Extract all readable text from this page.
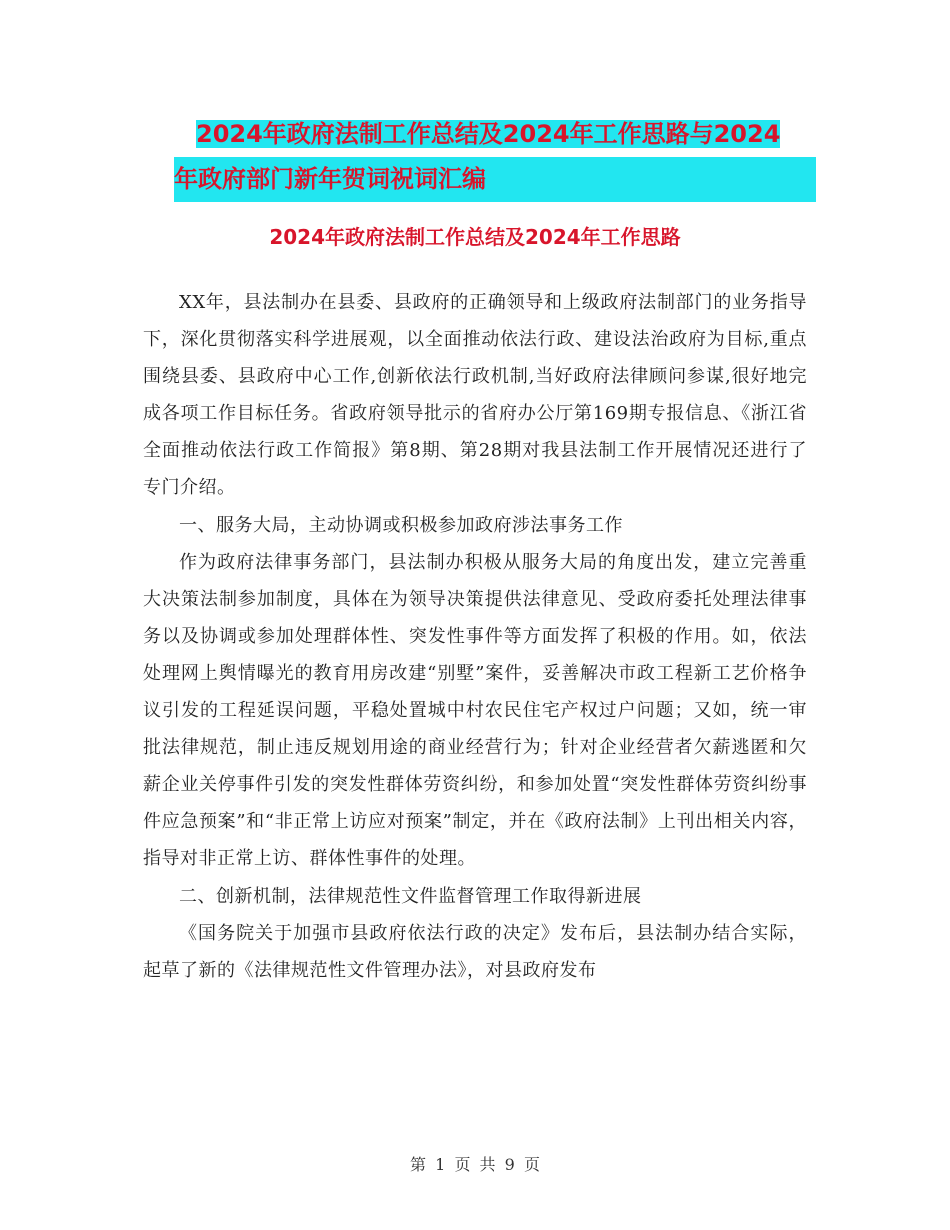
2024年政府法制工作总结及2024年工作思路与2024
年政府部门新年贺词祝词汇编
2024年政府法制工作总结及2024年工作思路

XX年，县法制办在县委、县政府的正确领导和上级政府法制部门的业务指导下，深化贯彻落实科学进展观，以全面推动依法行政、建设法治政府为目标,重点围绕县委、县政府中心工作,创新依法行政机制,当好政府法律顾问参谋,很好地完成各项工作目标任务。省政府领导批示的省府办公厅第169期专报信息、《浙江省全面推动依法行政工作简报》第8期、第28期对我县法制工作开展情况还进行了专门介绍。

一、服务大局，主动协调或积极参加政府涉法事务工作

作为政府法律事务部门，县法制办积极从服务大局的角度出发，建立完善重大决策法制参加制度，具体在为领导决策提供法律意见、受政府委托处理法律事务以及协调或参加处理群体性、突发性事件等方面发挥了积极的作用。如，依法处理网上舆情曝光的教育用房改建“别墅”案件，妥善解决市政工程新工艺价格争议引发的工程延误问题，平稳处置城中村农民住宅产权过户问题；又如，统一审批法律规范，制止违反规划用途的商业经营行为；针对企业经营者欠薪逃匿和欠薪企业关停事件引发的突发性群体劳资纠纷，和参加处置“突发性群体劳资纠纷事件应急预案”和“非正常上访应对预案”制定，并在《政府法制》上刊出相关内容，指导对非正常上访、群体性事件的处理。

二、创新机制，法律规范性文件监督管理工作取得新进展

《国务院关于加强市县政府依法行政的决定》发布后，县法制办结合实际，起草了新的《法律规范性文件管理办法》，对县政府发布

第 1 页 共 9 页
